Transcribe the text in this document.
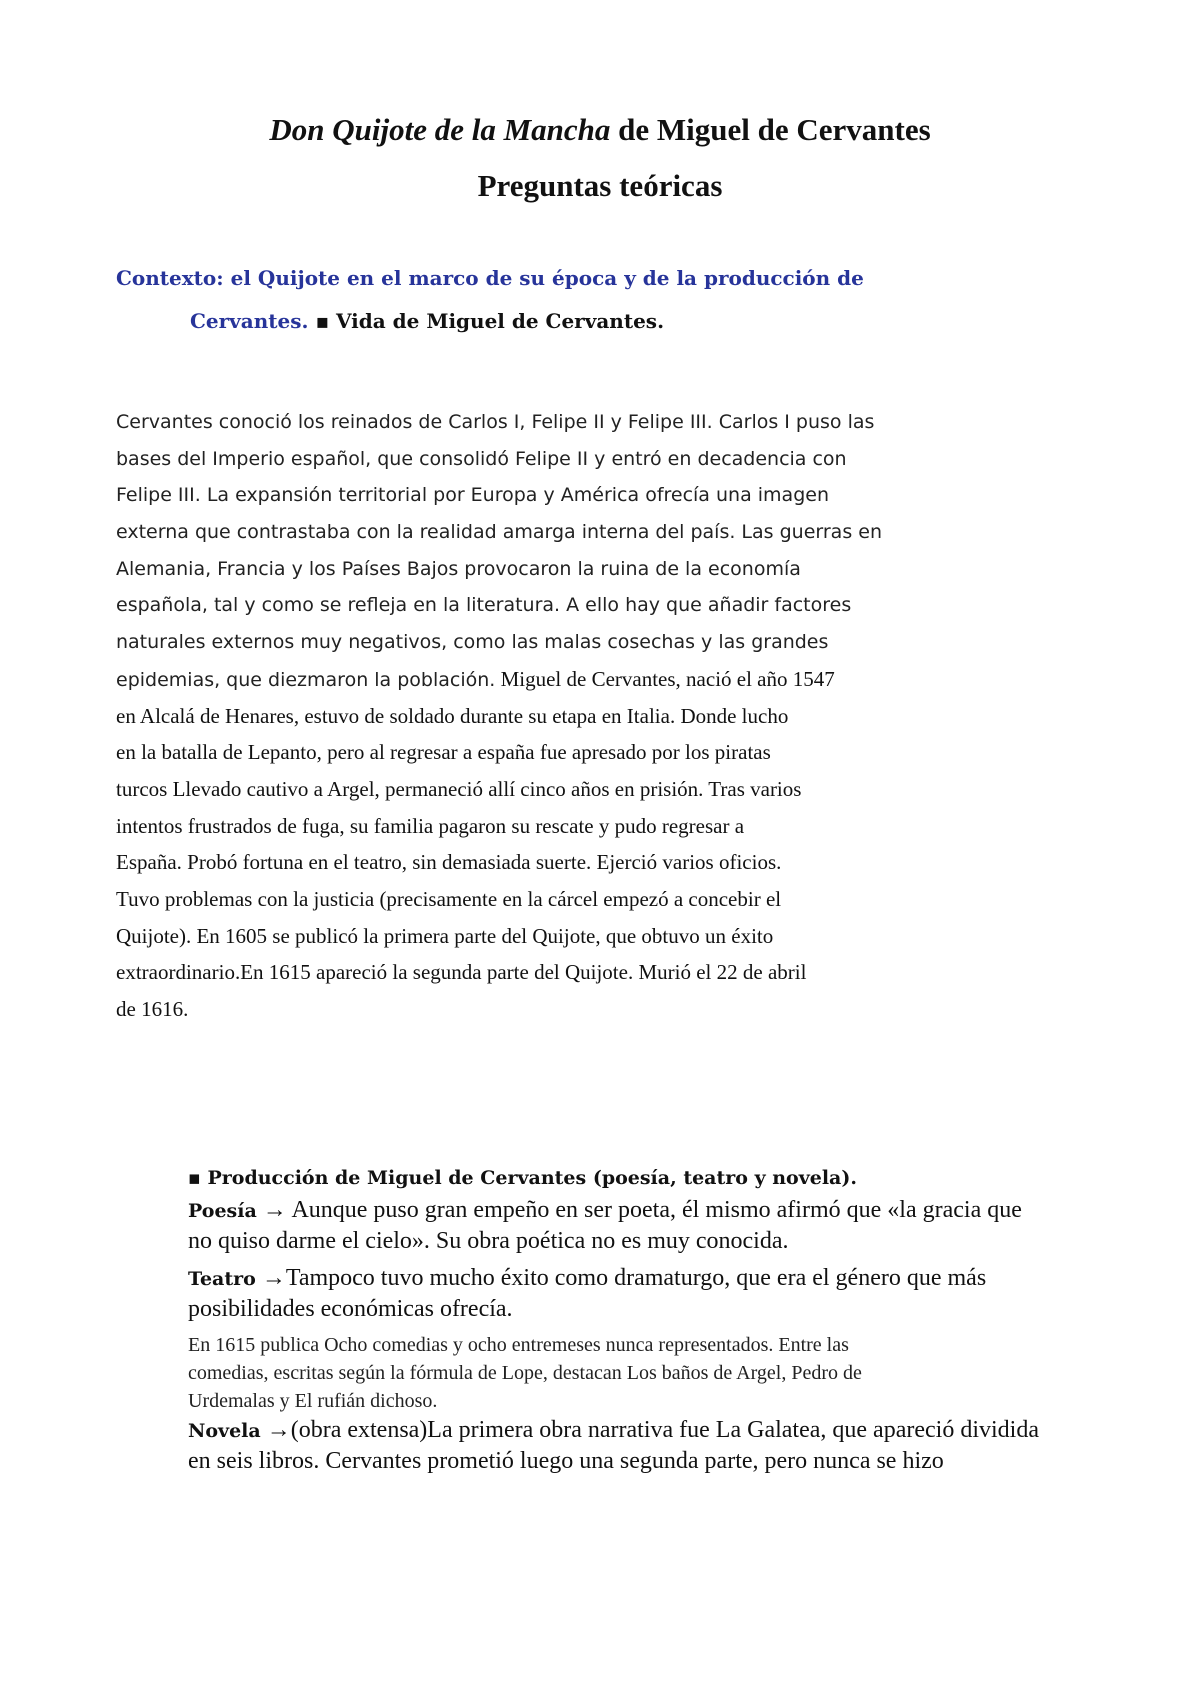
Don Quijote de la Mancha de Miguel de Cervantes
Preguntas teóricas
Contexto: el Quijote en el marco de su época y de la producción de
Cervantes. ▪ Vida de Miguel de Cervantes.
Cervantes conoció los reinados de Carlos I, Felipe II y Felipe III. Carlos I puso las
bases del Imperio español, que consolidó Felipe II y entró en decadencia con
Felipe III. La expansión territorial por Europa y América ofrecía una imagen
externa que contrastaba con la realidad amarga interna del país. Las guerras en
Alemania, Francia y los Países Bajos provocaron la ruina de la economía
española, tal y como se refleja en la literatura. A ello hay que añadir factores
naturales externos muy negativos, como las malas cosechas y las grandes
epidemias, que diezmaron la población. Miguel de Cervantes, nació el año 1547
en Alcalá de Henares, estuvo de soldado durante su etapa en Italia. Donde lucho
en la batalla de Lepanto, pero al regresar a españa fue apresado por los piratas
turcos Llevado cautivo a Argel, permaneció allí cinco años en prisión. Tras varios
intentos frustrados de fuga, su familia pagaron su rescate y pudo regresar a
España. Probó fortuna en el teatro, sin demasiada suerte. Ejerció varios oficios.
Tuvo problemas con la justicia (precisamente en la cárcel empezó a concebir el
Quijote). En 1605 se publicó la primera parte del Quijote, que obtuvo un éxito
extraordinario.En 1615 apareció la segunda parte del Quijote. Murió el 22 de abril
de 1616.
▪ Producción de Miguel de Cervantes (poesía, teatro y novela).
Poesía → Aunque puso gran empeño en ser poeta, él mismo afirmó que «la gracia que
no quiso darme el cielo». Su obra poética no es muy conocida.
Teatro →Tampoco tuvo mucho éxito como dramaturgo, que era el género que más
posibilidades económicas ofrecía.
En 1615 publica Ocho comedias y ocho entremeses nunca representados. Entre las
comedias, escritas según la fórmula de Lope, destacan Los baños de Argel, Pedro de
Urdemalas y El rufián dichoso.
Novela →(obra extensa)La primera obra narrativa fue La Galatea, que apareció dividida
en seis libros. Cervantes prometió luego una segunda parte, pero nunca se hizo
